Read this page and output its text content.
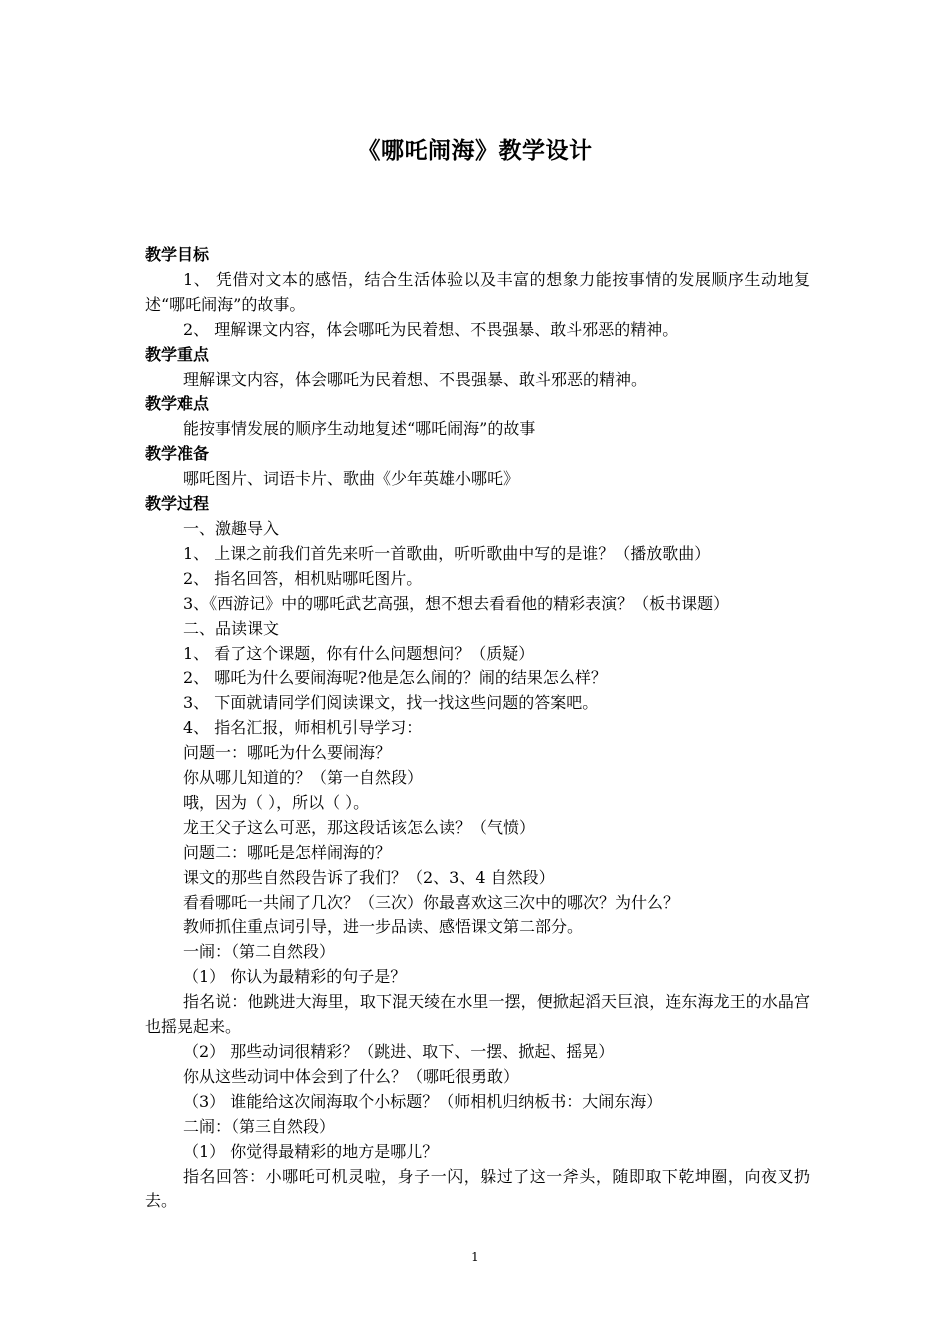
《哪吒闹海》教学设计
教学目标

1、 凭借对文本的感悟，结合生活体验以及丰富的想象力能按事情的发展顺序生动地复述“哪吒闹海”的故事。

2、 理解课文内容，体会哪吒为民着想、不畏强暴、敢斗邪恶的精神。

教学重点

理解课文内容，体会哪吒为民着想、不畏强暴、敢斗邪恶的精神。

教学难点

能按事情发展的顺序生动地复述“哪吒闹海”的故事

教学准备

哪吒图片、词语卡片、歌曲《少年英雄小哪吒》

教学过程

一、激趣导入

1、 上课之前我们首先来听一首歌曲，听听歌曲中写的是谁？（播放歌曲）

2、 指名回答，相机贴哪吒图片。

3、《西游记》中的哪吒武艺高强，想不想去看看他的精彩表演？（板书课题）

二、品读课文

1、 看了这个课题，你有什么问题想问？（质疑）

2、 哪吒为什么要闹海呢?他是怎么闹的？闹的结果怎么样？

3、 下面就请同学们阅读课文，找一找这些问题的答案吧。

4、 指名汇报，师相机引导学习：

问题一：哪吒为什么要闹海？

你从哪儿知道的？（第一自然段）

哦，因为（ ），所以（ ）。

龙王父子这么可恶，那这段话该怎么读？（气愤）

问题二：哪吒是怎样闹海的？

课文的那些自然段告诉了我们？（2、3、4 自然段）

看看哪吒一共闹了几次？（三次）你最喜欢这三次中的哪次？为什么？

教师抓住重点词引导，进一步品读、感悟课文第二部分。

一闹：（第二自然段）

（1） 你认为最精彩的句子是？

指名说：他跳进大海里，取下混天绫在水里一摆，便掀起滔天巨浪，连东海龙王的水晶宫也摇晃起来。

（2） 那些动词很精彩？（跳进、取下、一摆、掀起、摇晃）

你从这些动词中体会到了什么？（哪吒很勇敢）

（3） 谁能给这次闹海取个小标题？（师相机归纳板书：大闹东海）

二闹：（第三自然段）

（1） 你觉得最精彩的地方是哪儿？

指名回答：小哪吒可机灵啦，身子一闪，躲过了这一斧头，随即取下乾坤圈，向夜叉扔去。

1
